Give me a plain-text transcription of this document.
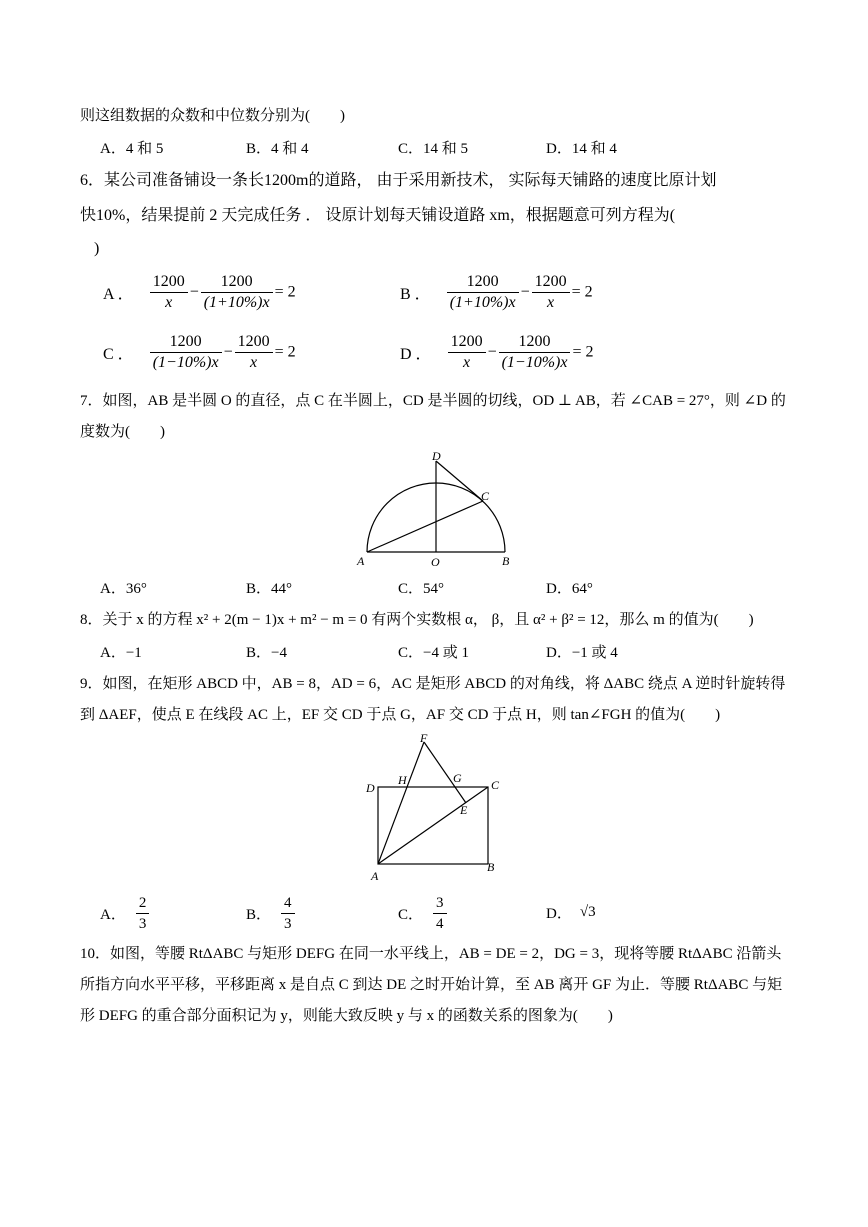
则这组数据的众数和中位数分别为(　　)
A．4 和 5	B．4 和 4	C．14 和 5	D．14 和 4
6．某公司准备铺设一条长1200m的道路， 由于采用新技术， 实际每天铺路的速度比原计划
快10%，结果提前 2 天完成任务 ． 设原计划每天铺设道路 xm，根据题意可列方程为(
)
A ． $\frac{1200}{x} - \frac{1200}{(1+10\%)x} = 2$	B ． $\frac{1200}{(1+10\%)x} - \frac{1200}{x} = 2$
C ． $\frac{1200}{(1-10\%)x} - \frac{1200}{x} = 2$	D ． $\frac{1200}{x} - \frac{1200}{(1-10\%)x} = 2$
7．如图，AB 是半圆 O 的直径，点 C 在半圆上，CD 是半圆的切线，OD ⊥ AB，若 ∠CAB = 27°，则 ∠D 的
度数为(　　)
D
C
A	O	B
A．36°	B．44°	C．54°	D．64°
8．关于 x 的方程 x² + 2(m − 1)x + m² − m = 0 有两个实数根 α， β，且 α² + β² = 12，那么 m 的值为(　　)
A．−1	B．−4	C．−4 或 1	D．−1 或 4
9．如图，在矩形 ABCD 中，AB = 8，AD = 6，AC 是矩形 ABCD 的对角线，将 ΔABC 绕点 A 逆时针旋转得
到 ΔAEF，使点 E 在线段 AC 上，EF 交 CD 于点 G，AF 交 CD 于点 H，则 tan∠FGH 的值为(　　)
F
H	G
D	C
E
A
B
A． $\frac{2}{3}$	B． $\frac{4}{3}$	C． $\frac{3}{4}$	D． √3
10．如图，等腰 RtΔABC 与矩形 DEFG 在同一水平线上，AB = DE = 2，DG = 3，现将等腰 RtΔABC 沿箭头
所指方向水平平移，平移距离 x 是自点 C 到达 DE 之时开始计算，至 AB 离开 GF 为止．等腰 RtΔABC 与矩
形 DEFG 的重合部分面积记为 y，则能大致反映 y 与 x 的函数关系的图象为(　　)
